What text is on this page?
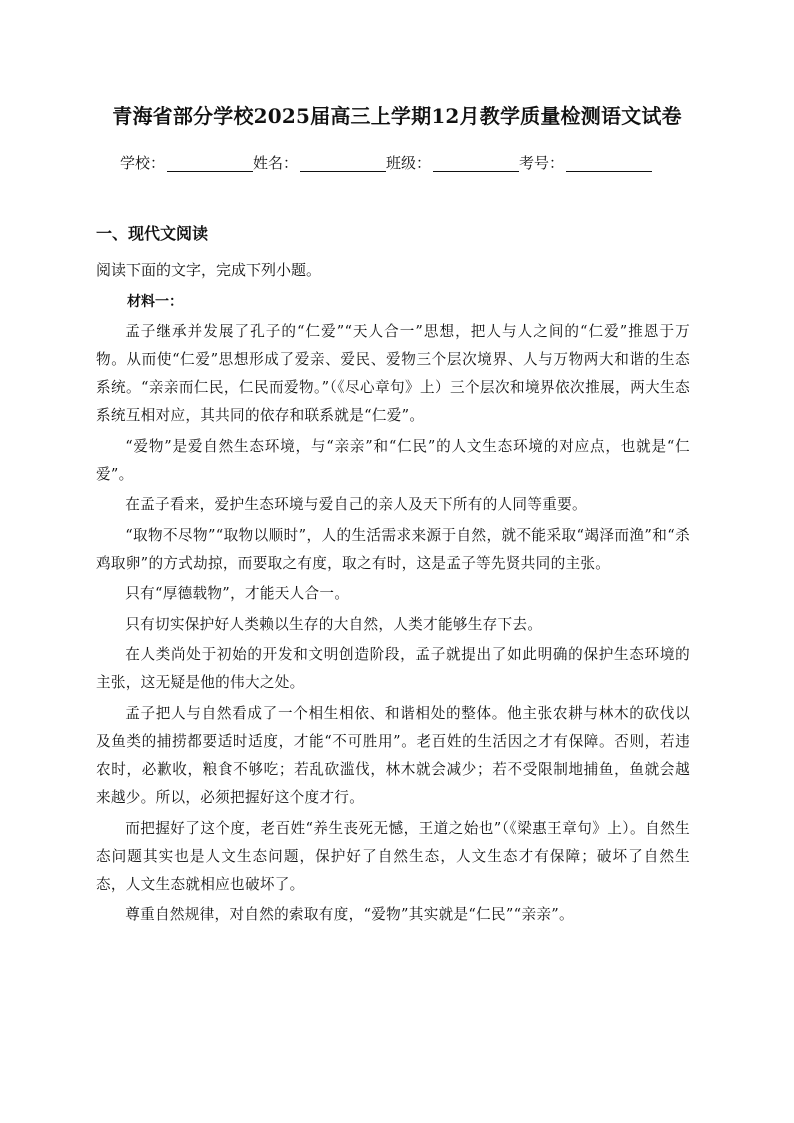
青海省部分学校2025届高三上学期12月教学质量检测语文试卷
学校：	姓名：	班级：	考号：
一、现代文阅读
阅读下面的文字，完成下列小题。
材料一：

孟子继承并发展了孔子的“仁爱”“天人合一”思想，把人与人之间的“仁爱”推恩于万物。从而使“仁爱”思想形成了爱亲、爱民、爱物三个层次境界、人与万物两大和谐的生态系统。“亲亲而仁民，仁民而爱物。”（《尽心章句》上）三个层次和境界依次推展，两大生态系统互相对应，其共同的依存和联系就是“仁爱”。

“爱物”是爱自然生态环境，与“亲亲”和“仁民”的人文生态环境的对应点，也就是“仁爱”。

在孟子看来，爱护生态环境与爱自己的亲人及天下所有的人同等重要。

“取物不尽物”“取物以顺时”，人的生活需求来源于自然，就不能采取“竭泽而渔”和“杀鸡取卵”的方式劫掠，而要取之有度，取之有时，这是孟子等先贤共同的主张。

只有“厚德载物”，才能天人合一。

只有切实保护好人类赖以生存的大自然，人类才能够生存下去。

在人类尚处于初始的开发和文明创造阶段，孟子就提出了如此明确的保护生态环境的主张，这无疑是他的伟大之处。

孟子把人与自然看成了一个相生相依、和谐相处的整体。他主张农耕与林木的砍伐以及鱼类的捕捞都要适时适度，才能“不可胜用”。老百姓的生活因之才有保障。否则，若违农时，必歉收，粮食不够吃；若乱砍滥伐，林木就会减少；若不受限制地捕鱼，鱼就会越来越少。所以，必须把握好这个度才行。

而把握好了这个度，老百姓“养生丧死无憾，王道之始也”（《梁惠王章句》上）。自然生态问题其实也是人文生态问题，保护好了自然生态，人文生态才有保障；破坏了自然生态，人文生态就相应也破坏了。

尊重自然规律，对自然的索取有度，“爱物”其实就是“仁民”“亲亲”。
